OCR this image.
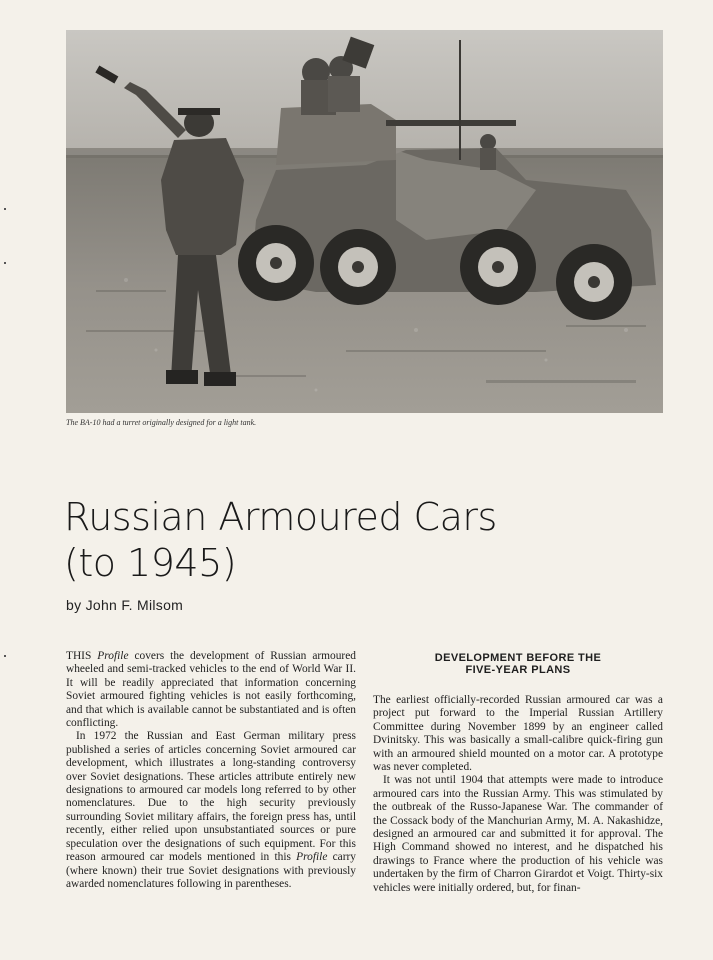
The BA-10 had a turret originally designed for a light tank.
Russian Armoured Cars
(to 1945)
by John F. Milsom

THIS Profile covers the development of Russian armoured wheeled and semi-tracked vehicles to the end of World War II. It will be readily appreciated that information concerning Soviet armoured fighting vehicles is not easily forthcoming, and that which is available cannot be substantiated and is often conflicting.

In 1972 the Russian and East German military press published a series of articles concerning Soviet armoured car development, which illustrates a long-standing controversy over Soviet designations. These articles attribute entirely new designations to armoured car models long referred to by other nomenclatures. Due to the high security previously surrounding Soviet military affairs, the foreign press has, until recently, either relied upon unsubstantiated sources or pure speculation over the designations of such equipment. For this reason armoured car models mentioned in this Profile carry (where known) their true Soviet designations with previously awarded nomenclatures following in parentheses.

DEVELOPMENT BEFORE THE
FIVE-YEAR PLANS

The earliest officially-recorded Russian armoured car was a project put forward to the Imperial Russian Artillery Committee during November 1899 by an engineer called Dvinitsky. This was basically a small-calibre quick-firing gun with an armoured shield mounted on a motor car. A prototype was never completed.

It was not until 1904 that attempts were made to introduce armoured cars into the Russian Army. This was stimulated by the outbreak of the Russo-Japanese War. The commander of the Cossack body of the Manchurian Army, M. A. Nakashidze, designed an armoured car and submitted it for approval. The High Command showed no interest, and he dispatched his drawings to France where the production of his vehicle was undertaken by the firm of Charron Girardot et Voigt. Thirty-six vehicles were initially ordered, but, for finan-
